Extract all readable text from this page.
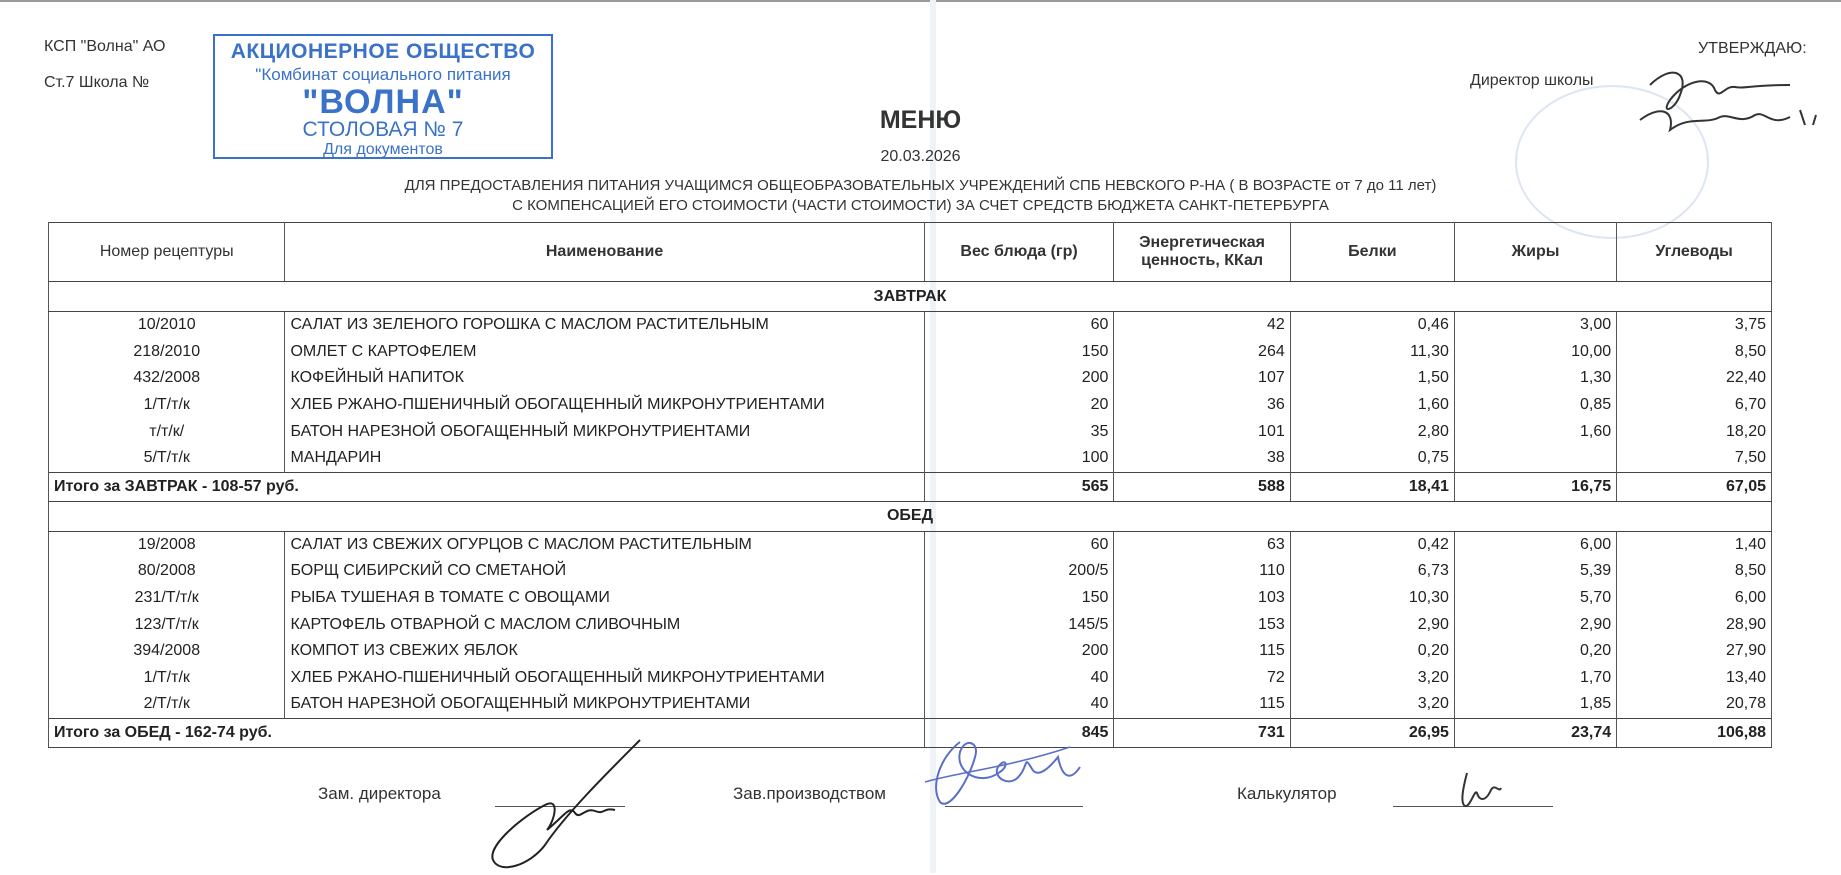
КСП "Волна" АО
Ст.7 Школа №
АКЦИОНЕРНОЕ ОБЩЕСТВО
"Комбинат социального питания
"ВОЛНА"
СТОЛОВАЯ № 7
Для документов
УТВЕРЖДАЮ:
Директор школы
МЕНЮ
20.03.2026
ДЛЯ ПРЕДОСТАВЛЕНИЯ ПИТАНИЯ УЧАЩИМСЯ ОБЩЕОБРАЗОВАТЕЛЬНЫХ УЧРЕЖДЕНИЙ СПБ НЕВСКОГО Р-НА ( В ВОЗРАСТЕ от 7 до 11 лет)
С КОМПЕНСАЦИЕЙ ЕГО СТОИМОСТИ (ЧАСТИ СТОИМОСТИ) ЗА СЧЕТ СРЕДСТВ БЮДЖЕТА САНКТ-ПЕТЕРБУРГА
Номер рецептуры	Наименование	Вес блюда (гр)	Энергетическая ценность, ККал	Белки	Жиры	Углеводы
ЗАВТРАК						
10/2010	САЛАТ ИЗ ЗЕЛЕНОГО ГОРОШКА С МАСЛОМ РАСТИТЕЛЬНЫМ	60	42	0,46	3,00	3,75
218/2010	ОМЛЕТ С КАРТОФЕЛЕМ	150	264	11,30	10,00	8,50
432/2008	КОФЕЙНЫЙ НАПИТОК	200	107	1,50	1,30	22,40
1/Т/т/к	ХЛЕБ РЖАНО-ПШЕНИЧНЫЙ ОБОГАЩЕННЫЙ МИКРОНУТРИЕНТАМИ	20	36	1,60	0,85	6,70
т/т/к/	БАТОН НАРЕЗНОЙ ОБОГАЩЕННЫЙ МИКРОНУТРИЕНТАМИ	35	101	2,80	1,60	18,20
5/Т/т/к	МАНДАРИН	100	38	0,75		7,50
Итого за ЗАВТРАК - 108-57 руб.		565	588	18,41	16,75	67,05
ОБЕД						
19/2008	САЛАТ ИЗ СВЕЖИХ ОГУРЦОВ С МАСЛОМ РАСТИТЕЛЬНЫМ	60	63	0,42	6,00	1,40
80/2008	БОРЩ СИБИРСКИЙ СО СМЕТАНОЙ	200/5	110	6,73	5,39	8,50
231/Т/т/к	РЫБА ТУШЕНАЯ В ТОМАТЕ С ОВОЩАМИ	150	103	10,30	5,70	6,00
123/Т/т/к	КАРТОФЕЛЬ ОТВАРНОЙ С МАСЛОМ СЛИВОЧНЫМ	145/5	153	2,90	2,90	28,90
394/2008	КОМПОТ ИЗ СВЕЖИХ ЯБЛОК	200	115	0,20	0,20	27,90
1/Т/т/к	ХЛЕБ РЖАНО-ПШЕНИЧНЫЙ ОБОГАЩЕННЫЙ МИКРОНУТРИЕНТАМИ	40	72	3,20	1,70	13,40
2/Т/т/к	БАТОН НАРЕЗНОЙ ОБОГАЩЕННЫЙ МИКРОНУТРИЕНТАМИ	40	115	3,20	1,85	20,78
Итого за ОБЕД - 162-74 руб.		845	731	26,95	23,74	106,88
Зам. директора	Зав.производством	Калькулятор
